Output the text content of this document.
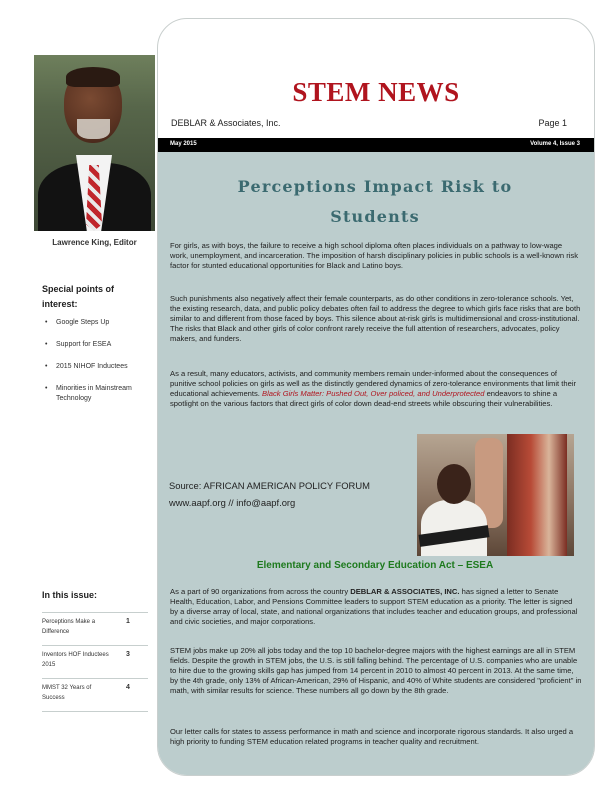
Lawrence King, Editor
Special points of interest:
• Google Steps Up
• Support for ESEA
• 2015 NIHOF Inductees
• Minorities in Mainstream Technology
In this issue:
Perceptions Make a Difference
1
Inventors HOF Inductees 2015
3
MMST 32 Years of Success
4
STEM NEWS
DEBLAR & Associates, Inc.	Page 1
May 2015	Volume 4, Issue 3
Perceptions Impact Risk to Students

For girls, as with boys, the failure to receive a high school diploma often places individuals on a pathway to low-wage work, unemployment, and incarceration. The imposition of harsh disciplinary policies in public schools is a well-known risk factor for stunted educational opportunities for Black and Latino boys.

Such punishments also negatively affect their female counterparts, as do other conditions in zero-tolerance schools. Yet, the existing research, data, and public policy debates often fail to address the degree to which girls face risks that are both similar to and different from those faced by boys. This silence about at-risk girls is multidimensional and cross-institutional. The risks that Black and other girls of color confront rarely receive the full attention of researchers, advocates, policy makers, and funders.

As a result, many educators, activists, and community members remain under-informed about the consequences of punitive school policies on girls as well as the distinctly gendered dynamics of zero-tolerance environments that limit their educational achievements. Black Girls Matter: Pushed Out, Over policed, and Underprotected endeavors to shine a spotlight on the various factors that direct girls of color down dead-end streets while obscuring their vulnerabilities.

Source: AFRICAN AMERICAN POLICY FORUM
www.aapf.org // info@aapf.org
Elementary and Secondary Education Act – ESEA

As a part of 90 organizations from across the country DEBLAR & ASSOCIATES, INC. has signed a letter to Senate Health, Education, Labor, and Pensions Committee leaders to support STEM education as a priority. The letter is signed by a diverse array of local, state, and national organizations that includes teacher and education groups, and professional and civic societies, and major corporations.

STEM jobs make up 20% all jobs today and the top 10 bachelor-degree majors with the highest earnings are all in STEM fields. Despite the growth in STEM jobs, the U.S. is still falling behind. The percentage of U.S. companies who are unable to hire due to the growing skills gap has jumped from 14 percent in 2010 to almost 40 percent in 2013. At the same time, by the 4th grade, only 13% of African-American, 29% of Hispanic, and 40% of White students are considered "proficient" in math, with similar results for science. These numbers all go down by the 8th grade.

Our letter calls for states to assess performance in math and science and incorporate rigorous standards. It also urged a high priority to funding STEM education related programs in teacher quality and recruitment.
